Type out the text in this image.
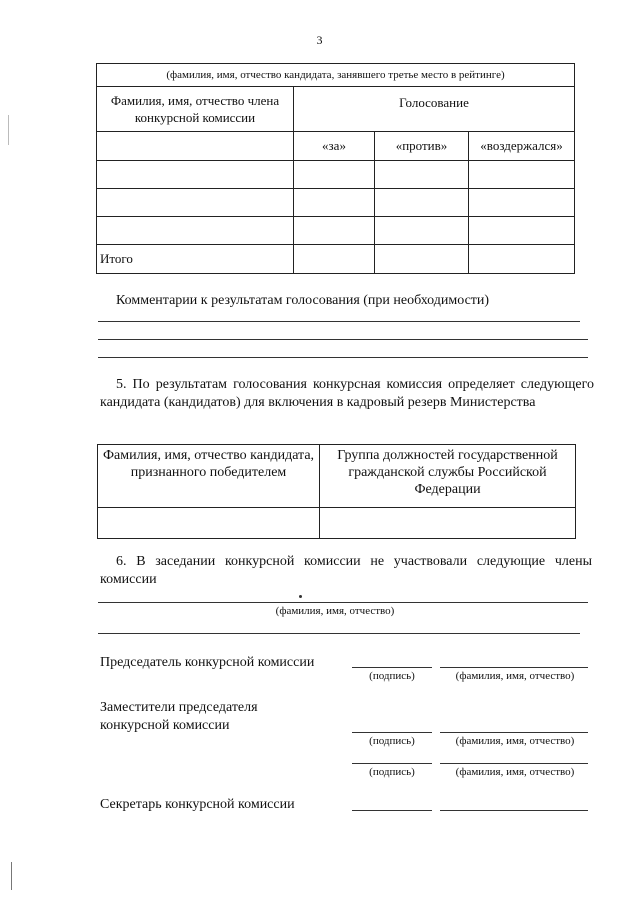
3
(фамилия, имя, отчество кандидата, занявшего третье место в рейтинге)			
Фамилия, имя, отчество члена конкурсной комиссии	Голосование		
	«за»	«против»	«воздержался»

Итого			
Комментарии к результатам голосования (при необходимости)
5. По результатам голосования конкурсная комиссия определяет следующего кандидата (кандидатов) для включения в кадровый резерв Министерства
Фамилия, имя, отчество кандидата, признанного победителем	Группа должностей государственной гражданской службы Российской Федерации

6. В заседании конкурсной комиссии не участвовали следующие члены комиссии
(фамилия, имя, отчество)
Председатель конкурсной комиссии
(подпись)	(фамилия, имя, отчество)
Заместители председателя конкурсной комиссии
(подпись)	(фамилия, имя, отчество)
(подпись)	(фамилия, имя, отчество)
Секретарь конкурсной комиссии
